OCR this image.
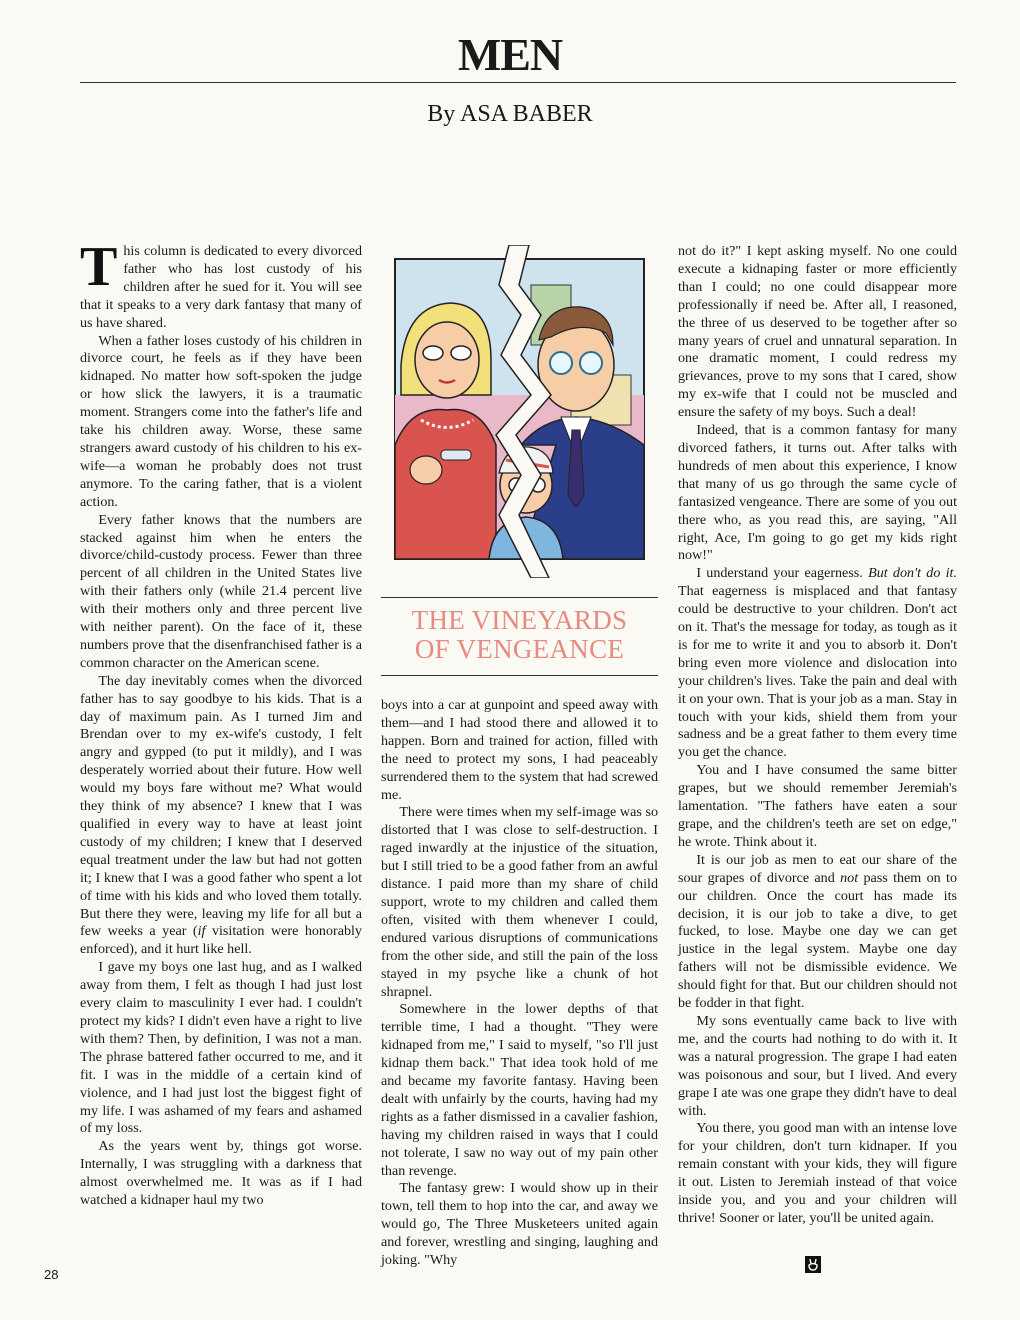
MEN
By ASA BABER

This column is dedicated to every divorced father who has lost custody of his children after he sued for it. You will see that it speaks to a very dark fantasy that many of us have shared.

When a father loses custody of his children in divorce court, he feels as if they have been kidnaped. No matter how soft-spoken the judge or how slick the lawyers, it is a traumatic moment. Strangers come into the father's life and take his children away. Worse, these same strangers award custody of his children to his ex-wife—a woman he probably does not trust anymore. To the caring father, that is a violent action.

Every father knows that the numbers are stacked against him when he enters the divorce/child-custody process. Fewer than three percent of all children in the United States live with their fathers only (while 21.4 percent live with their mothers only and three percent live with neither parent). On the face of it, these numbers prove that the disenfranchised father is a common character on the American scene.

The day inevitably comes when the divorced father has to say goodbye to his kids. That is a day of maximum pain. As I turned Jim and Brendan over to my ex-wife's custody, I felt angry and gypped (to put it mildly), and I was desperately worried about their future. How well would my boys fare without me? What would they think of my absence? I knew that I was qualified in every way to have at least joint custody of my children; I knew that I deserved equal treatment under the law but had not gotten it; I knew that I was a good father who spent a lot of time with his kids and who loved them totally. But there they were, leaving my life for all but a few weeks a year (if visitation were honorably enforced), and it hurt like hell.

I gave my boys one last hug, and as I walked away from them, I felt as though I had just lost every claim to masculinity I ever had. I couldn't protect my kids? I didn't even have a right to live with them? Then, by definition, I was not a man. The phrase battered father occurred to me, and it fit. I was in the middle of a certain kind of violence, and I had just lost the biggest fight of my life. I was ashamed of my fears and ashamed of my loss.

As the years went by, things got worse. Internally, I was struggling with a darkness that almost overwhelmed me. It was as if I had watched a kidnaper haul my two

THE VINEYARDS
OF VENGEANCE

boys into a car at gunpoint and speed away with them—and I had stood there and allowed it to happen. Born and trained for action, filled with the need to protect my sons, I had peaceably surrendered them to the system that had screwed me.

There were times when my self-image was so distorted that I was close to self-destruction. I raged inwardly at the injustice of the situation, but I still tried to be a good father from an awful distance. I paid more than my share of child support, wrote to my children and called them often, visited with them whenever I could, endured various disruptions of communications from the other side, and still the pain of the loss stayed in my psyche like a chunk of hot shrapnel.

Somewhere in the lower depths of that terrible time, I had a thought. "They were kidnaped from me," I said to myself, "so I'll just kidnap them back." That idea took hold of me and became my favorite fantasy. Having been dealt with unfairly by the courts, having had my rights as a father dismissed in a cavalier fashion, having my children raised in ways that I could not tolerate, I saw no way out of my pain other than revenge.

The fantasy grew: I would show up in their town, tell them to hop into the car, and away we would go, The Three Musketeers united again and forever, wrestling and singing, laughing and joking. "Why

not do it?" I kept asking myself. No one could execute a kidnaping faster or more efficiently than I could; no one could disappear more professionally if need be. After all, I reasoned, the three of us deserved to be together after so many years of cruel and unnatural separation. In one dramatic moment, I could redress my grievances, prove to my sons that I cared, show my ex-wife that I could not be muscled and ensure the safety of my boys. Such a deal!

Indeed, that is a common fantasy for many divorced fathers, it turns out. After talks with hundreds of men about this experience, I know that many of us go through the same cycle of fantasized vengeance. There are some of you out there who, as you read this, are saying, "All right, Ace, I'm going to go get my kids right now!"

I understand your eagerness. But don't do it. That eagerness is misplaced and that fantasy could be destructive to your children. Don't act on it. That's the message for today, as tough as it is for me to write it and you to absorb it. Don't bring even more violence and dislocation into your children's lives. Take the pain and deal with it on your own. That is your job as a man. Stay in touch with your kids, shield them from your sadness and be a great father to them every time you get the chance.

You and I have consumed the same bitter grapes, but we should remember Jeremiah's lamentation. "The fathers have eaten a sour grape, and the children's teeth are set on edge," he wrote. Think about it.

It is our job as men to eat our share of the sour grapes of divorce and not pass them on to our children. Once the court has made its decision, it is our job to take a dive, to get fucked, to lose. Maybe one day we can get justice in the legal system. Maybe one day fathers will not be dismissible evidence. We should fight for that. But our children should not be fodder in that fight.

My sons eventually came back to live with me, and the courts had nothing to do with it. It was a natural progression. The grape I had eaten was poisonous and sour, but I lived. And every grape I ate was one grape they didn't have to deal with.

You there, you good man with an intense love for your children, don't turn kidnaper. If you remain constant with your kids, they will figure it out. Listen to Jeremiah instead of that voice inside you, and you and your children will thrive! Sooner or later, you'll be united again.

28
